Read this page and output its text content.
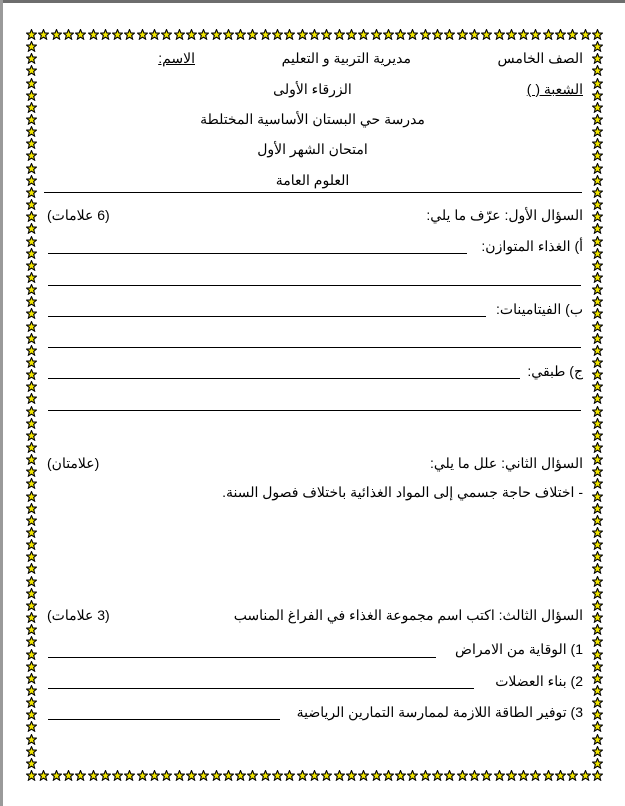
الصف الخامس
مديرية التربية و التعليم
الاسم:
الشعبة ( )
الزرقاء الأولى
مدرسة حي البستان الأساسية المختلطة
امتحان الشهر الأول
العلوم العامة
السؤال الأول: عرّف ما يلي:
(6 علامات)
أ) الغذاء المتوازن:
ب) الفيتامينات:
ج) طبقي:
السؤال الثاني: علل ما يلي:
(علامتان)
- اختلاف حاجة جسمي إلى المواد الغذائية باختلاف فصول السنة.
السؤال الثالث: اكتب اسم مجموعة الغذاء في الفراغ المناسب
(3 علامات)
1) الوقاية من الامراض
2) بناء العضلات
3) توفير الطاقة اللازمة لممارسة التمارين الرياضية
